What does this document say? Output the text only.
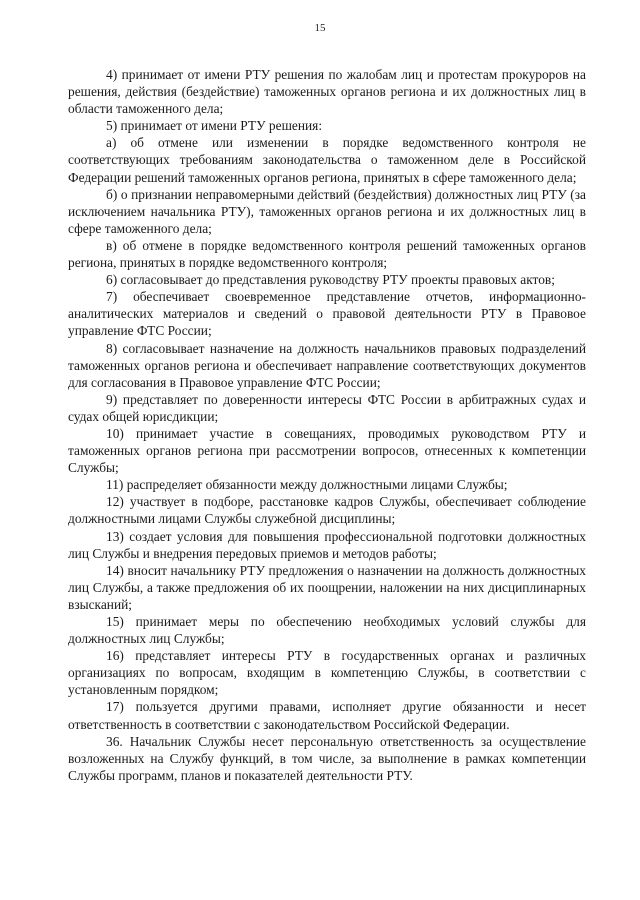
15

4) принимает от имени РТУ решения по жалобам лиц и протестам прокуроров на решения, действия (бездействие) таможенных органов региона и их должностных лиц в области таможенного дела;

5) принимает от имени РТУ решения:

а) об отмене или изменении в порядке ведомственного контроля не соответствующих требованиям законодательства о таможенном деле в Российской Федерации решений таможенных органов региона, принятых в сфере таможенного дела;

б) о признании неправомерными действий (бездействия) должностных лиц РТУ (за исключением начальника РТУ), таможенных органов региона и их должностных лиц в сфере таможенного дела;

в) об отмене в порядке ведомственного контроля решений таможенных органов региона, принятых в порядке ведомственного контроля;

6) согласовывает до представления руководству РТУ проекты правовых актов;

7) обеспечивает своевременное представление отчетов, информационно-аналитических материалов и сведений о правовой деятельности РТУ в Правовое управление ФТС России;

8) согласовывает назначение на должность начальников правовых подразделений таможенных органов региона и обеспечивает направление соответствующих документов для согласования в Правовое управление ФТС России;

9) представляет по доверенности интересы ФТС России в арбитражных судах и судах общей юрисдикции;

10) принимает участие в совещаниях, проводимых руководством РТУ и таможенных органов региона при рассмотрении вопросов, отнесенных к компетенции Службы;

11) распределяет обязанности между должностными лицами Службы;

12) участвует в подборе, расстановке кадров Службы, обеспечивает соблюдение должностными лицами Службы служебной дисциплины;

13) создает условия для повышения профессиональной подготовки должностных лиц Службы и внедрения передовых приемов и методов работы;

14) вносит начальнику РТУ предложения о назначении на должность должностных лиц Службы, а также предложения об их поощрении, наложении на них дисциплинарных взысканий;

15) принимает меры по обеспечению необходимых условий службы для должностных лиц Службы;

16) представляет интересы РТУ в государственных органах и различных организациях по вопросам, входящим в компетенцию Службы, в соответствии с установленным порядком;

17) пользуется другими правами, исполняет другие обязанности и несет ответственность в соответствии с законодательством Российской Федерации.

36. Начальник Службы несет персональную ответственность за осуществление возложенных на Службу функций, в том числе, за выполнение в рамках компетенции Службы программ, планов и показателей деятельности РТУ.
